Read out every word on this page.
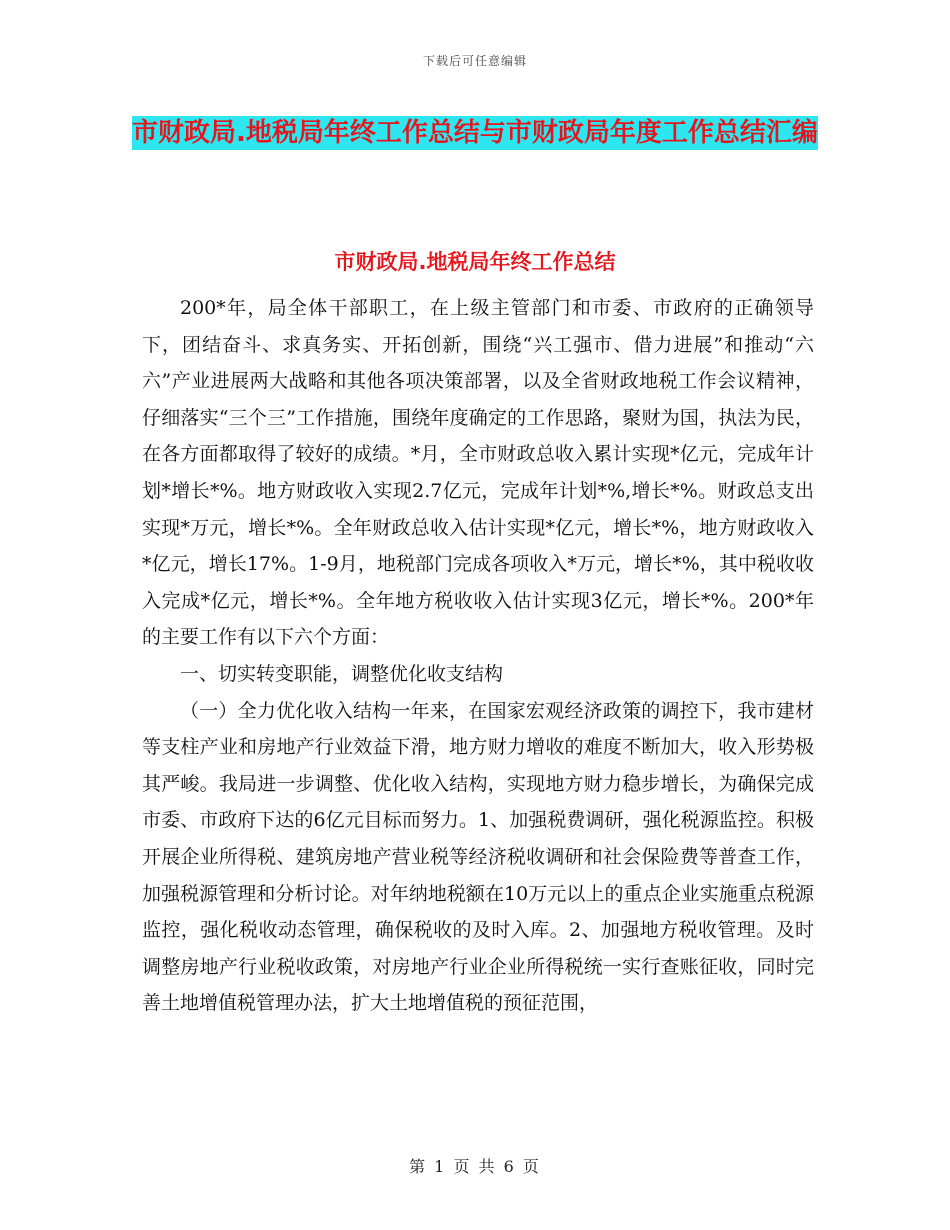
下载后可任意编辑
市财政局.地税局年终工作总结与市财政局年度工作总结汇编
市财政局.地税局年终工作总结

200*年，局全体干部职工，在上级主管部门和市委、市政府的正确领导下，团结奋斗、求真务实、开拓创新，围绕“兴工强市、借力进展”和推动“六六”产业进展两大战略和其他各项决策部署，以及全省财政地税工作会议精神，仔细落实“三个三”工作措施，围绕年度确定的工作思路，聚财为国，执法为民，在各方面都取得了较好的成绩。*月，全市财政总收入累计实现*亿元，完成年计划*增长*%。地方财政收入实现2.7亿元，完成年计划*%,增长*%。财政总支出实现*万元，增长*%。全年财政总收入估计实现*亿元，增长*%，地方财政收入*亿元，增长17%。1-9月，地税部门完成各项收入*万元，增长*%，其中税收收入完成*亿元，增长*%。全年地方税收收入估计实现3亿元，增长*%。200*年的主要工作有以下六个方面：

一、切实转变职能，调整优化收支结构

（一）全力优化收入结构一年来，在国家宏观经济政策的调控下，我市建材等支柱产业和房地产行业效益下滑，地方财力增收的难度不断加大，收入形势极其严峻。我局进一步调整、优化收入结构，实现地方财力稳步增长，为确保完成市委、市政府下达的6亿元目标而努力。1、加强税费调研，强化税源监控。积极开展企业所得税、建筑房地产营业税等经济税收调研和社会保险费等普查工作，加强税源管理和分析讨论。对年纳地税额在10万元以上的重点企业实施重点税源监控，强化税收动态管理，确保税收的及时入库。2、加强地方税收管理。及时调整房地产行业税收政策，对房地产行业企业所得税统一实行查账征收，同时完善土地增值税管理办法，扩大土地增值税的预征范围，

第 1 页 共 6 页
